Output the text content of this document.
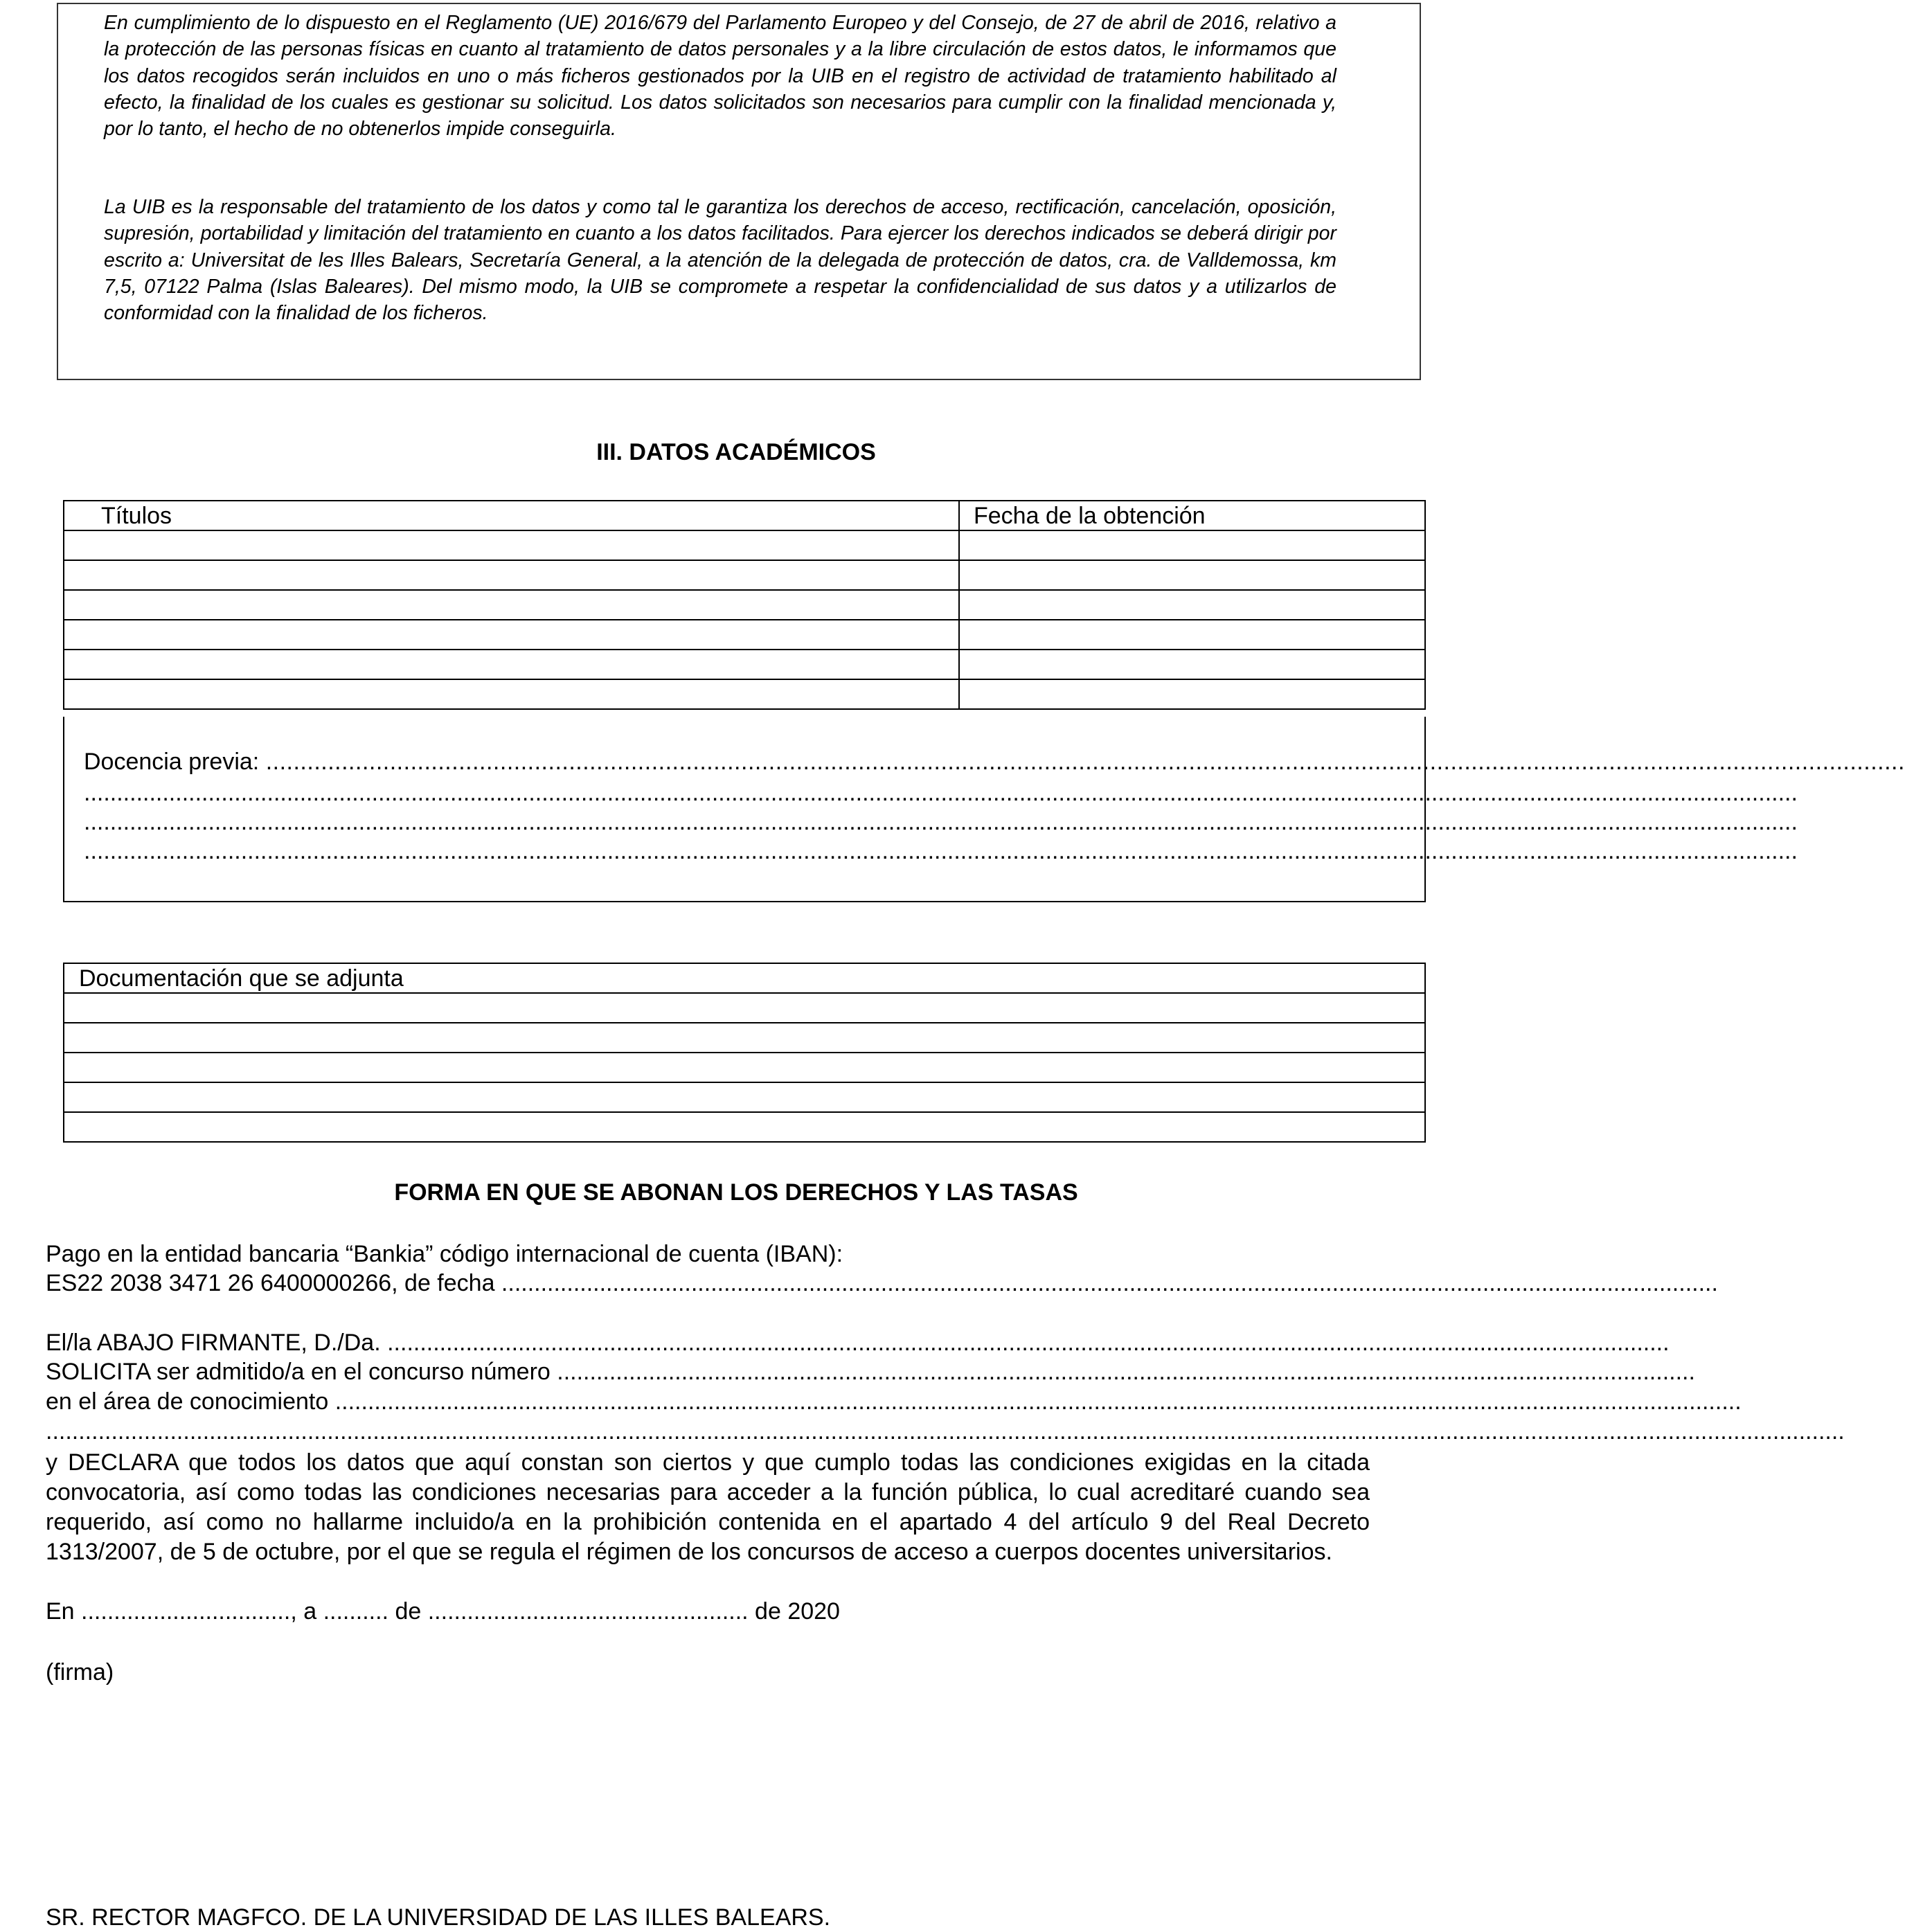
En cumplimiento de lo dispuesto en el Reglamento (UE) 2016/679 del Parlamento Europeo y del Consejo, de 27 de abril de 2016, relativo a la protección de las personas físicas en cuanto al tratamiento de datos personales y a la libre circulación de estos datos, le informamos que los datos recogidos serán incluidos en uno o más ficheros gestionados por la UIB en el registro de actividad de tratamiento habilitado al efecto, la finalidad de los cuales es gestionar su solicitud. Los datos solicitados son necesarios para cumplir con la finalidad mencionada y, por lo tanto, el hecho de no obtenerlos impide conseguirla.
La UIB es la responsable del tratamiento de los datos y como tal le garantiza los derechos de acceso, rectificación, cancelación, oposición, supresión, portabilidad y limitación del tratamiento en cuanto a los datos facilitados. Para ejercer los derechos indicados se deberá dirigir por escrito a: Universitat de les Illes Balears, Secretaría General, a la atención de la delegada de protección de datos, cra. de Valldemossa, km 7,5, 07122 Palma (Islas Baleares). Del mismo modo, la UIB se compromete a respetar la confidencialidad de sus datos y a utilizarlos de conformidad con la finalidad de los ficheros.
III. DATOS ACADÉMICOS
Títulos	Fecha de la obtención

Docencia previa: ..............................................................................................................................................................................................................................................
......................................................................................................................................................................................................................................................................
......................................................................................................................................................................................................................................................................
......................................................................................................................................................................................................................................................................
Documentación que se adjunta

FORMA EN QUE SE ABONAN LOS DERECHOS Y LAS TASAS
Pago en la entidad bancaria “Bankia” código internacional de cuenta (IBAN):
ES22 2038 3471 26 6400000266, de fecha ..........................................................................................................................................................................................
El/la ABAJO FIRMANTE, D./Da. ....................................................................................................................................................................................................
SOLICITA ser admitido/a en el concurso número ..............................................................................................................................................................................
en el área de conocimiento .......................................................................................................................................................................................................................
...................................................................................................................................................................................................................................................................................
y DECLARA que todos los datos que aquí constan son ciertos y que cumplo todas las condiciones exigidas en la citada convocatoria, así como todas las condiciones necesarias para acceder a la función pública, lo cual acreditaré cuando sea requerido, así como no hallarme incluido/a en la prohibición contenida en el apartado 4 del artículo 9 del Real Decreto 1313/2007, de 5 de octubre, por el que se regula el régimen de los concursos de acceso a cuerpos docentes universitarios.
En ................................, a .......... de ................................................. de 2020
(firma)
SR. RECTOR MAGFCO. DE LA UNIVERSIDAD DE LAS ILLES BALEARS.
